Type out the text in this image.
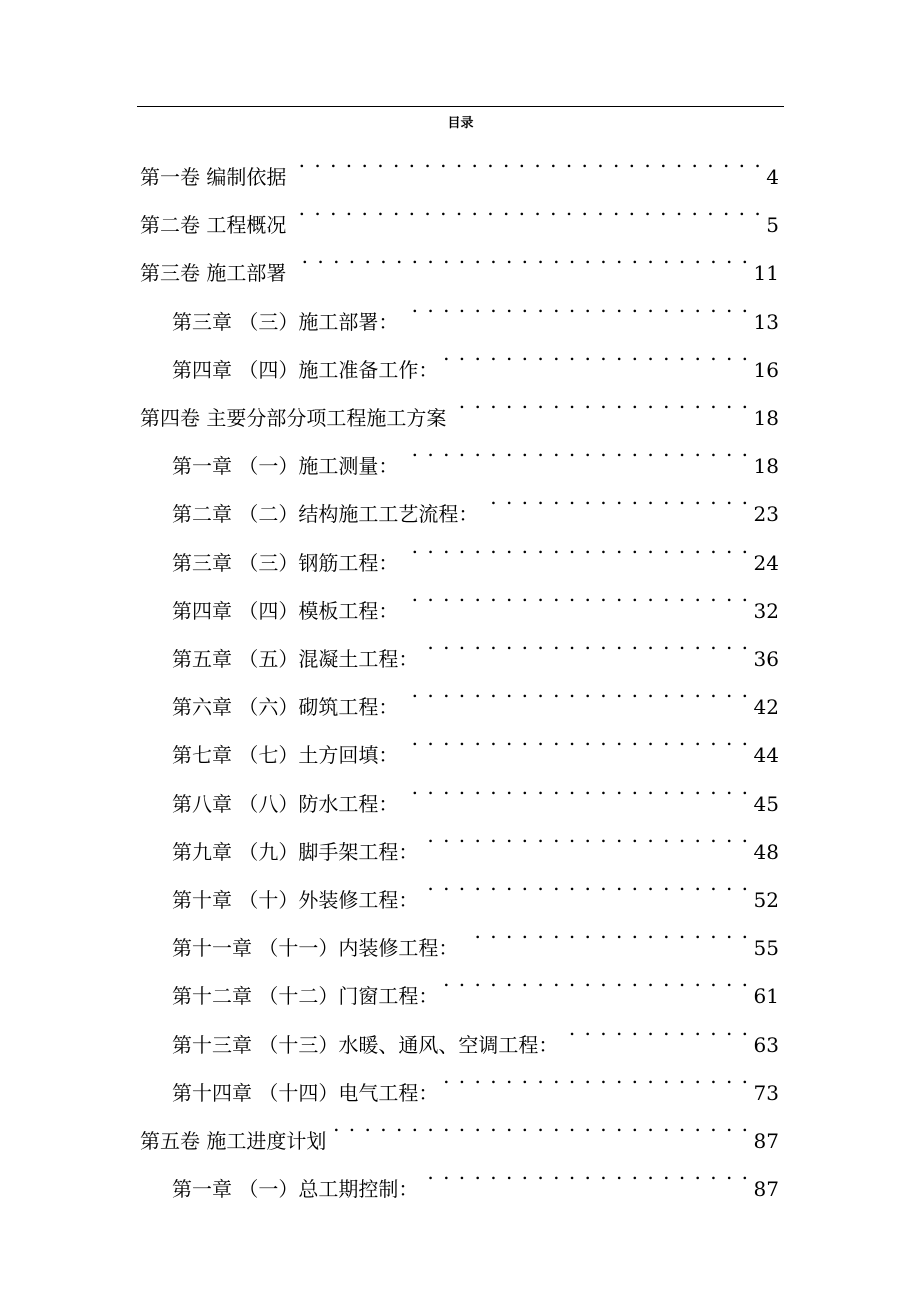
目录
第一卷 编制依据 . . .	4
第二卷 工程概况 . . .	5
第三卷 施工部署 . . .	11
第三章 （三）施工部署： . . .	13
第四章 （四）施工准备工作： . . .	16
第四卷 主要分部分项工程施工方案 . . .	18
第一章 （一）施工测量： . . .	18
第二章 （二）结构施工工艺流程： . . .	23
第三章 （三）钢筋工程： . . .	24
第四章 （四）模板工程： . . .	32
第五章 （五）混凝土工程： . . .	36
第六章 （六）砌筑工程： . . .	42
第七章 （七）土方回填： . . .	44
第八章 （八）防水工程： . . .	45
第九章 （九）脚手架工程： . . .	48
第十章 （十）外装修工程： . . .	52
第十一章 （十一）内装修工程： . . .	55
第十二章 （十二）门窗工程： . . .	61
第十三章 （十三）水暖、通风、空调工程： . . .	63
第十四章 （十四）电气工程： . . .	73
第五卷 施工进度计划 . . .	87
第一章 （一）总工期控制： . . .	87
